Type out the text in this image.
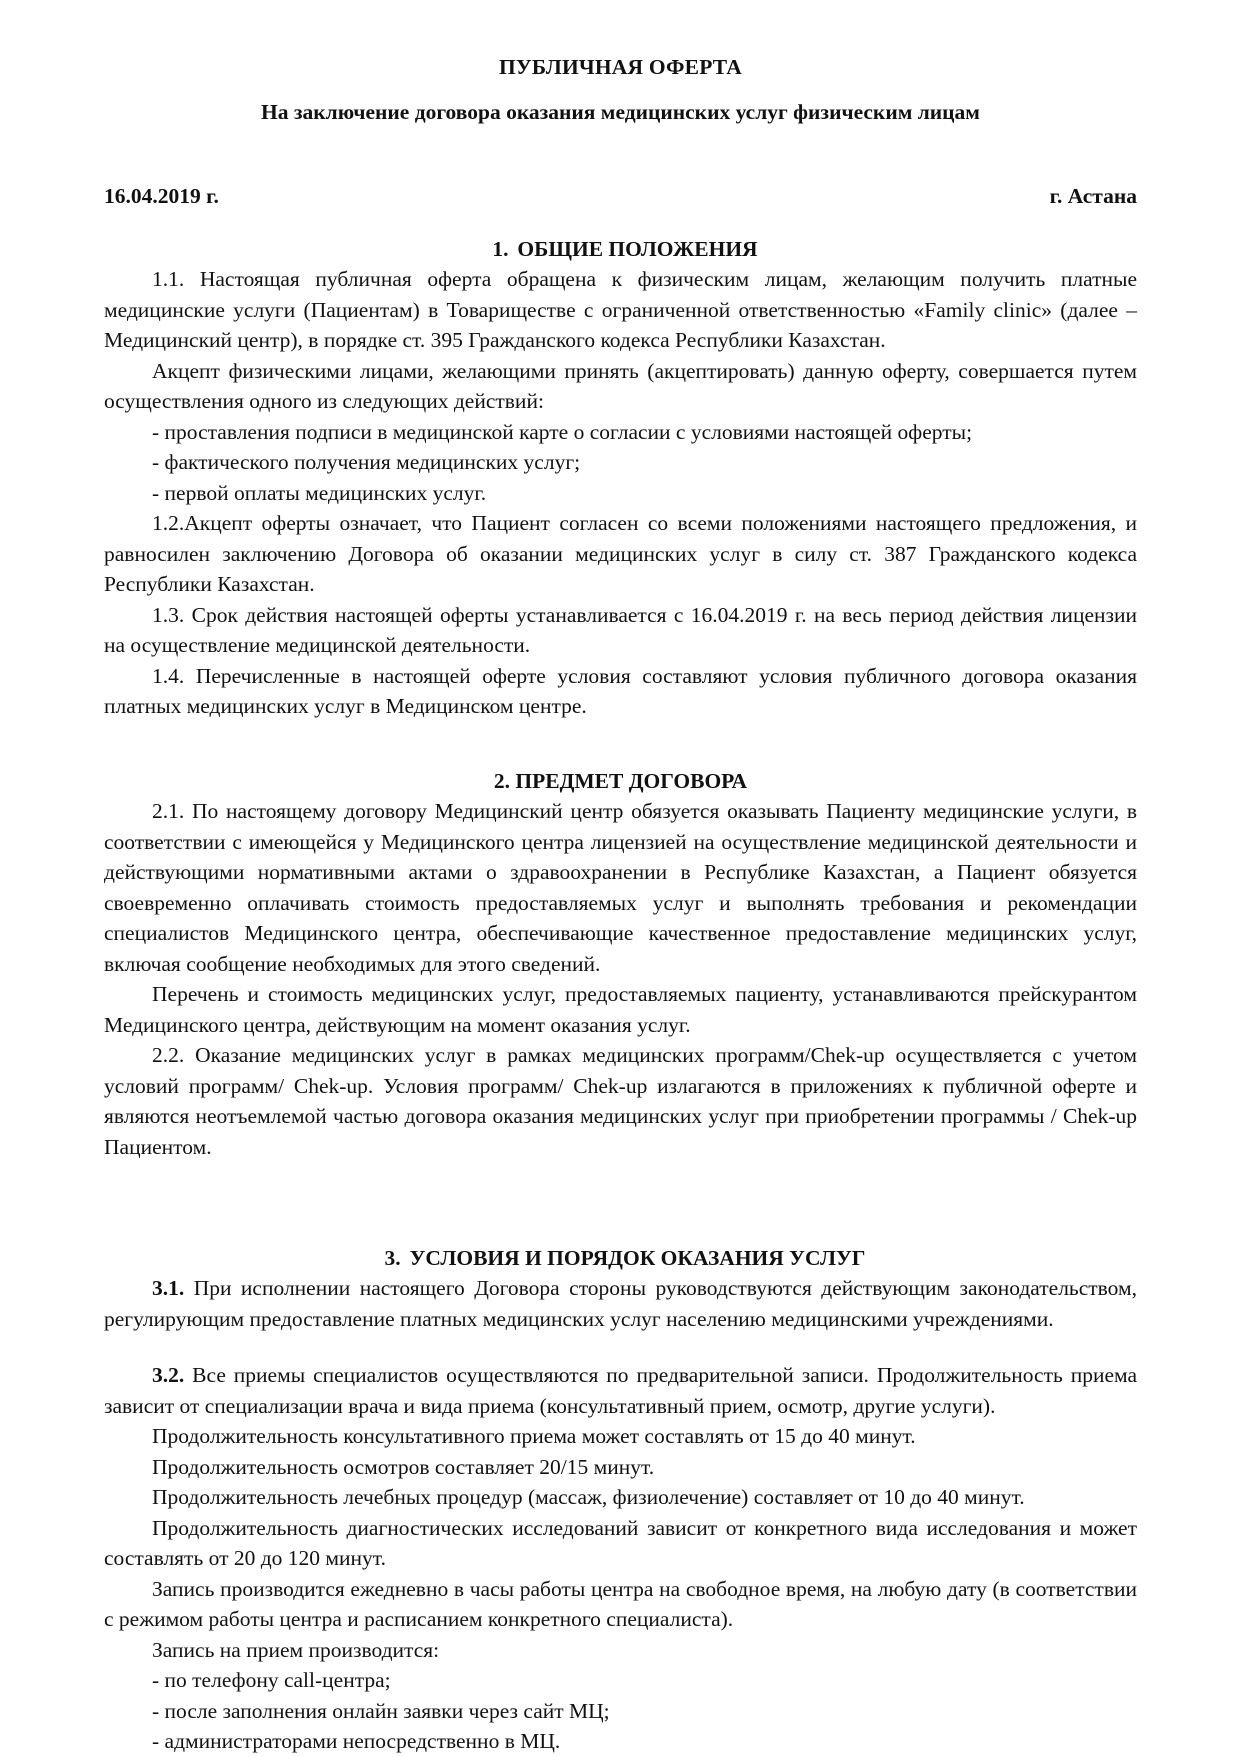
ПУБЛИЧНАЯ ОФЕРТА
На заключение договора оказания медицинских услуг физическим лицам
16.04.2019 г.	г. Астана
1. ОБЩИЕ ПОЛОЖЕНИЯ

1.1. Настоящая публичная оферта обращена к физическим лицам, желающим получить платные медицинские услуги (Пациентам) в Товариществе с ограниченной ответственностью «Family clinic» (далее – Медицинский центр), в порядке ст. 395 Гражданского кодекса Республики Казахстан.

Акцепт физическими лицами, желающими принять (акцептировать) данную оферту, совершается путем осуществления одного из следующих действий:

- проставления подписи в медицинской карте о согласии с условиями настоящей оферты;

- фактического получения медицинских услуг;

- первой оплаты медицинских услуг.

1.2.Акцепт оферты означает, что Пациент согласен со всеми положениями настоящего предложения, и равносилен заключению Договора об оказании медицинских услуг в силу ст. 387 Гражданского кодекса Республики Казахстан.

1.3. Срок действия настоящей оферты устанавливается с 16.04.2019 г. на весь период действия лицензии на осуществление медицинской деятельности.

1.4. Перечисленные в настоящей оферте условия составляют условия публичного договора оказания платных медицинских услуг в Медицинском центре.

2. ПРЕДМЕТ ДОГОВОРА

2.1. По настоящему договору Медицинский центр обязуется оказывать Пациенту медицинские услуги, в соответствии с имеющейся у Медицинского центра лицензией на осуществление медицинской деятельности и действующими нормативными актами о здравоохранении в Республике Казахстан, а Пациент обязуется своевременно оплачивать стоимость предоставляемых услуг и выполнять требования и рекомендации специалистов Медицинского центра, обеспечивающие качественное предоставление медицинских услуг, включая сообщение необходимых для этого сведений.

Перечень и стоимость медицинских услуг, предоставляемых пациенту, устанавливаются прейскурантом Медицинского центра, действующим на момент оказания услуг.

2.2. Оказание медицинских услуг в рамках медицинских программ/Chek-up осуществляется с учетом условий программ/ Chek-up. Условия программ/ Chek-up излагаются в приложениях к публичной оферте и являются неотъемлемой частью договора оказания медицинских услуг при приобретении программы / Chek-up Пациентом.

3. УСЛОВИЯ И ПОРЯДОК ОКАЗАНИЯ УСЛУГ

3.1. При исполнении настоящего Договора стороны руководствуются действующим законодательством, регулирующим предоставление платных медицинских услуг населению медицинскими учреждениями.

3.2. Все приемы специалистов осуществляются по предварительной записи. Продолжительность приема зависит от специализации врача и вида приема (консультативный прием, осмотр, другие услуги).

Продолжительность консультативного приема может составлять от 15 до 40 минут.

Продолжительность осмотров составляет 20/15 минут.

Продолжительность лечебных процедур (массаж, физиолечение) составляет от 10 до 40 минут.

Продолжительность диагностических исследований зависит от конкретного вида исследования и может составлять от 20 до 120 минут.

Запись производится ежедневно в часы работы центра на свободное время, на любую дату (в соответствии с режимом работы центра и расписанием конкретного специалиста).

Запись на прием производится:

- по телефону call-центра;

- после заполнения онлайн заявки через сайт МЦ;

- администраторами непосредственно в МЦ.
